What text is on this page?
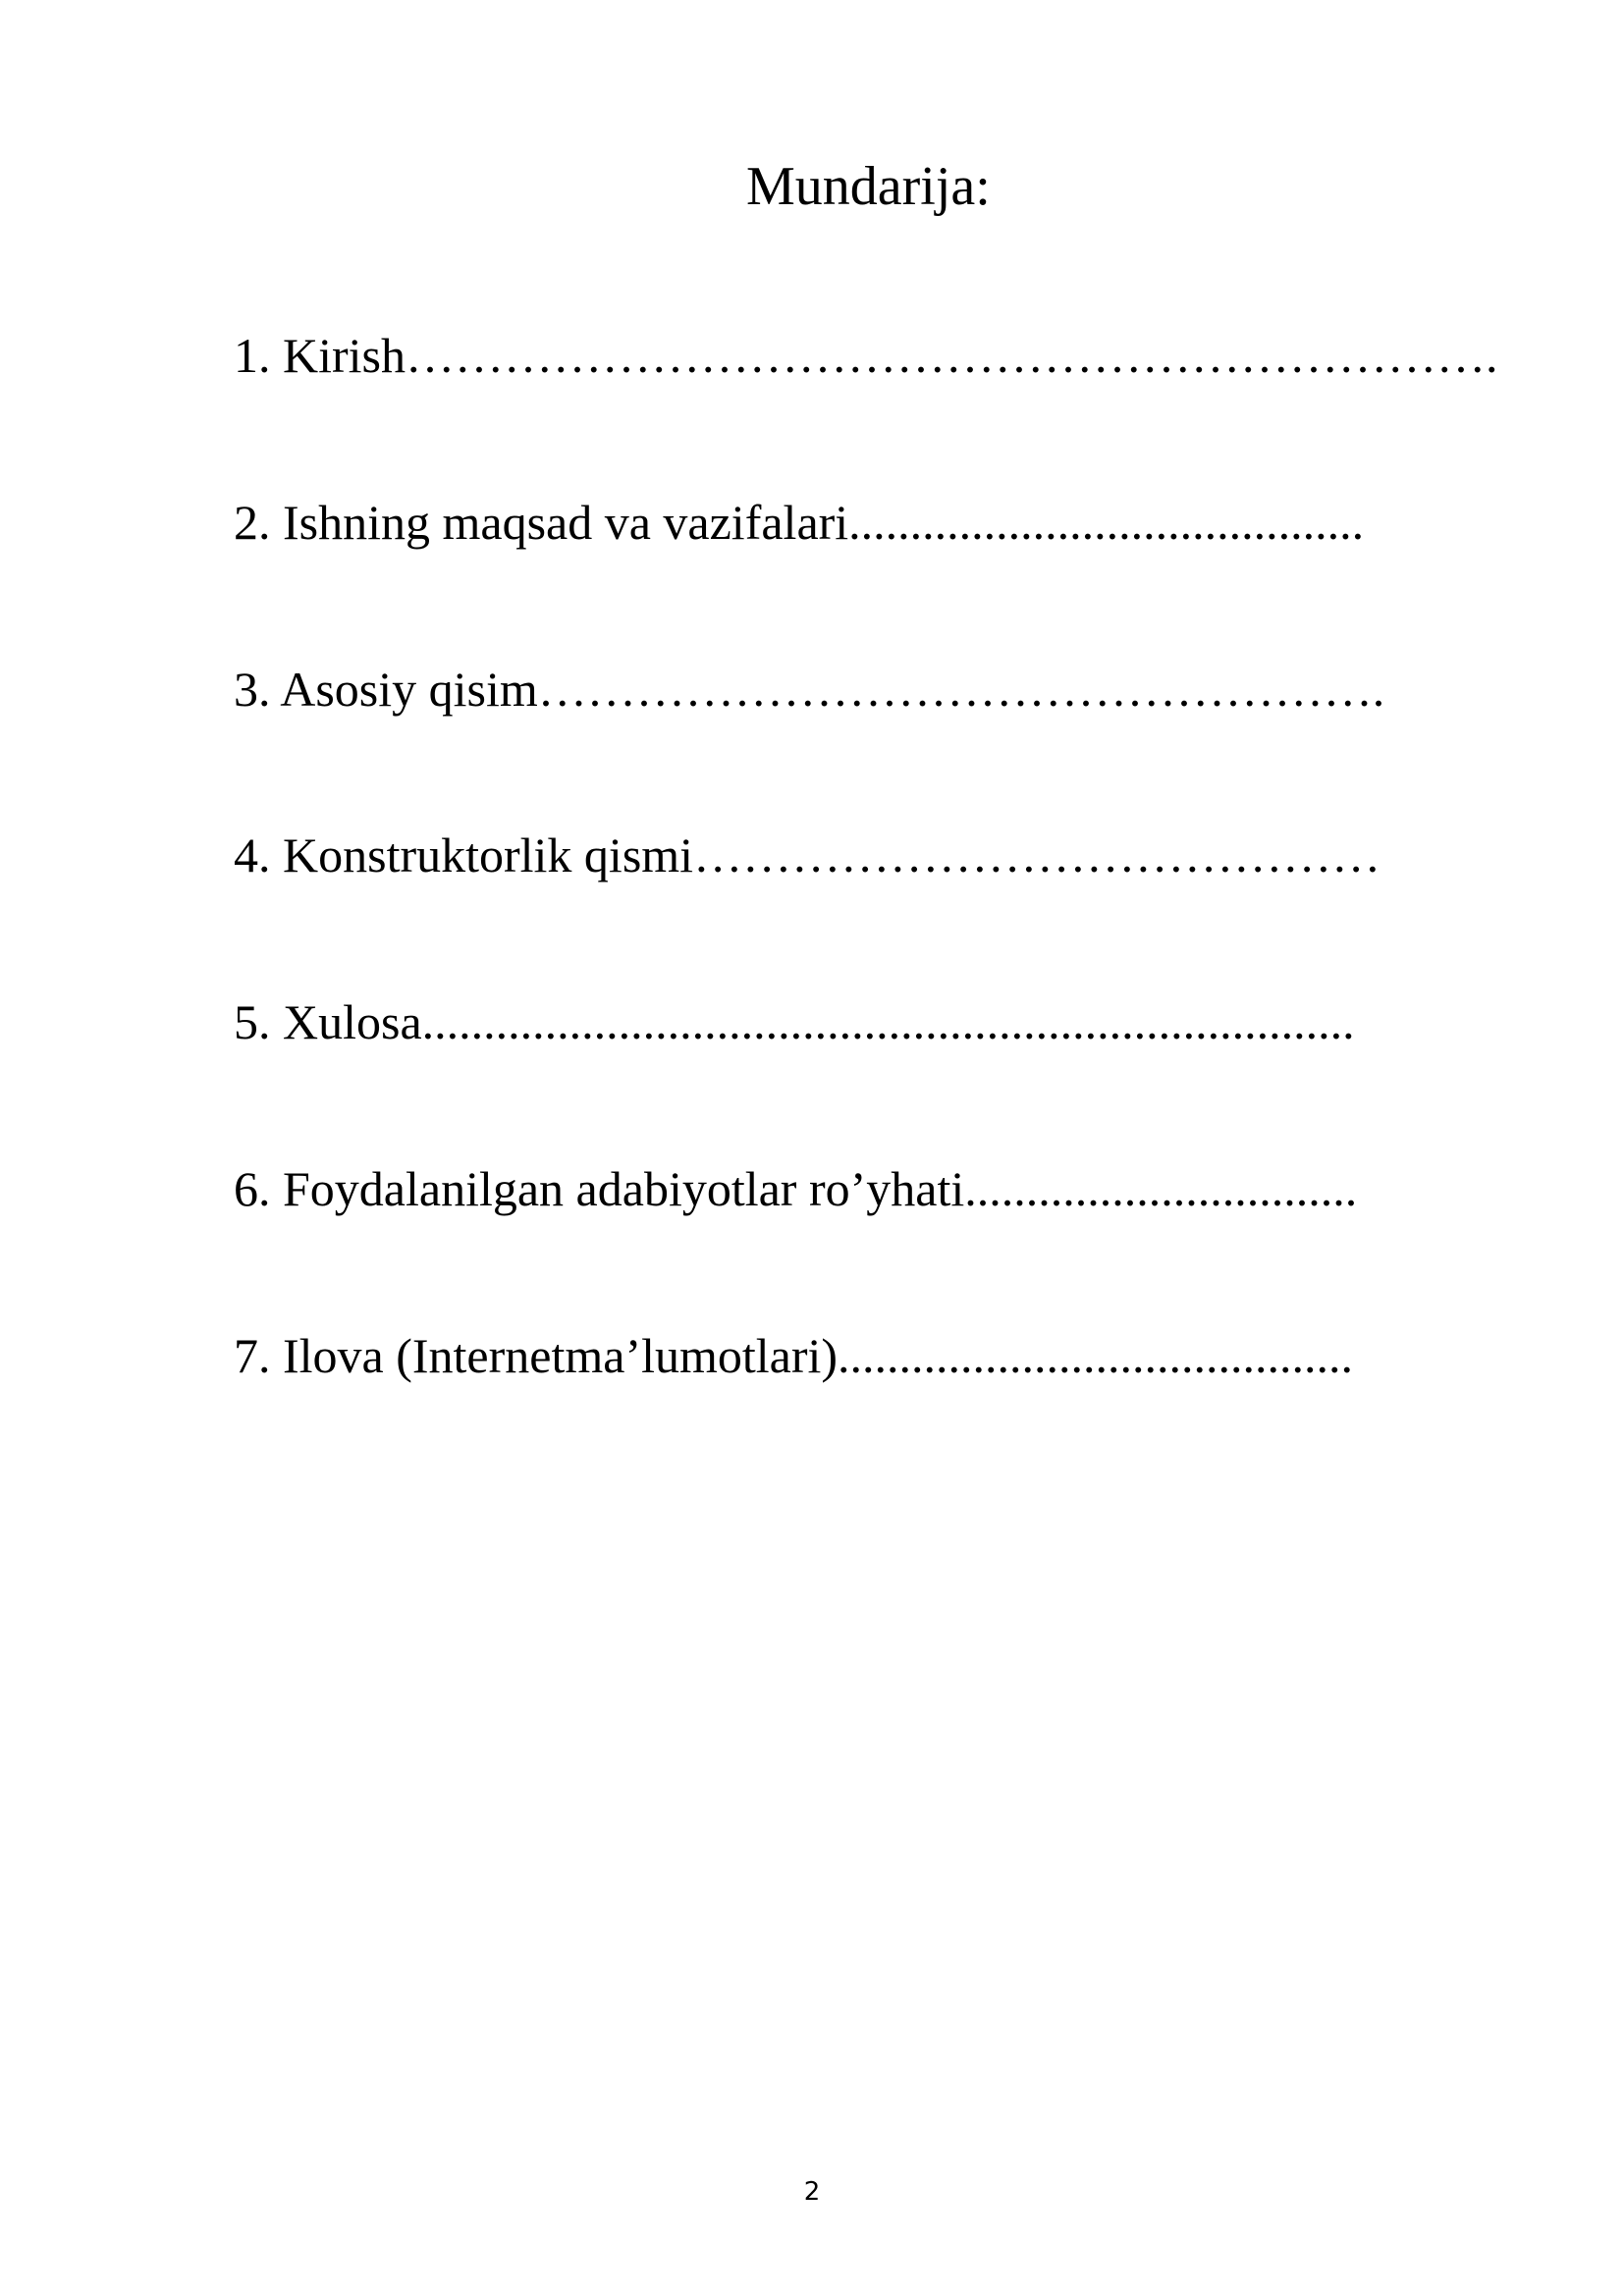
Mundarija:

1. Kirish………………………………………………………….

2. Ishning maqsad va vazifalari..........................................

3. Asosiy qisim…………………………………………….

4. Konstruktorlik qismi……………………………………

5. Xulosa............................................................................

6. Foydalanilgan adabiyotlar ro’yhati................................

7. Ilova (Internetma’lumotlari)..........................................

2
